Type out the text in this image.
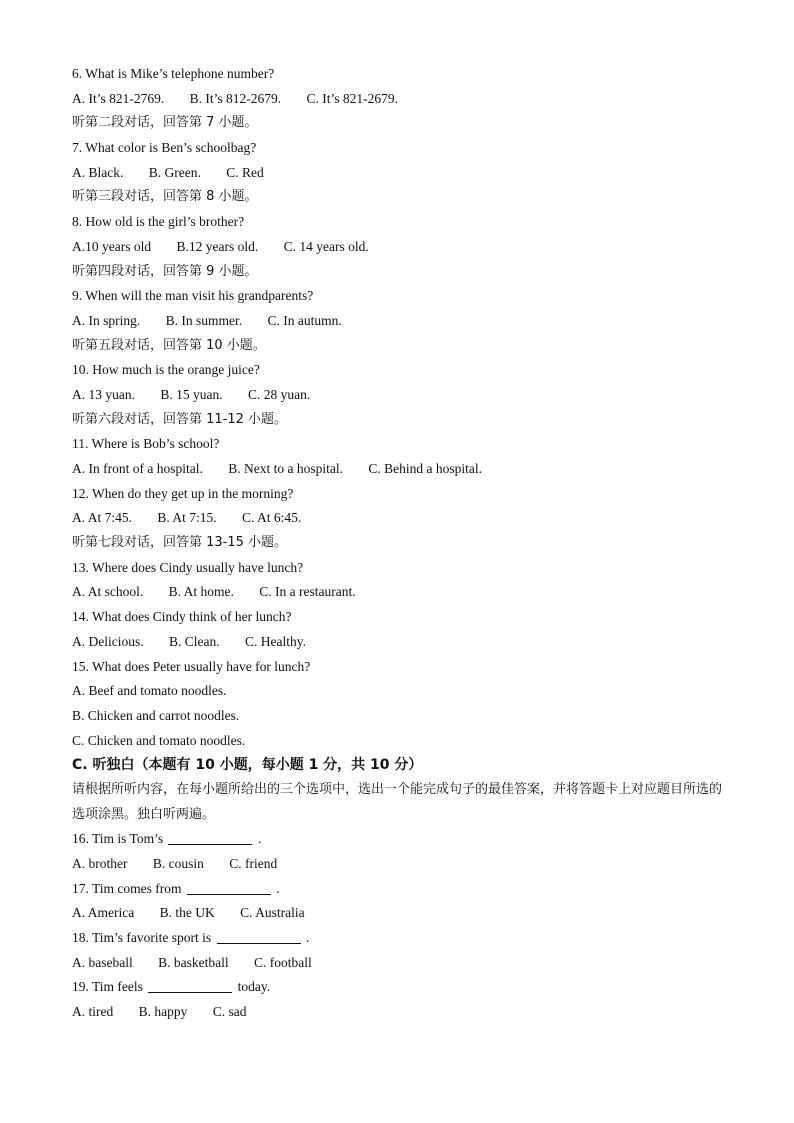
6. What is Mike’s telephone number?
A. It’s 821-2769. B. It’s 812-2679. C. It’s 821-2679.
听第二段对话，回答第 7 小题。
7. What color is Ben’s schoolbag?
A. Black. B. Green. C. Red
听第三段对话，回答第 8 小题。
8. How old is the girl’s brother?
A.10 years old B.12 years old. C. 14 years old.
听第四段对话，回答第 9 小题。
9. When will the man visit his grandparents?
A. In spring. B. In summer. C. In autumn.
听第五段对话，回答第 10 小题。
10. How much is the orange juice?
A. 13 yuan. B. 15 yuan. C. 28 yuan.
听第六段对话，回答第 11-12 小题。
11. Where is Bob’s school?
A. In front of a hospital. B. Next to a hospital. C. Behind a hospital.
12. When do they get up in the morning?
A. At 7:45. B. At 7:15. C. At 6:45.
听第七段对话，回答第 13-15 小题。
13. Where does Cindy usually have lunch?
A. At school. B. At home. C. In a restaurant.
14. What does Cindy think of her lunch?
A. Delicious. B. Clean. C. Healthy.
15. What does Peter usually have for lunch?
A. Beef and tomato noodles.
B. Chicken and carrot noodles.
C. Chicken and tomato noodles.
C. 听独白（本题有 10 小题，每小题 1 分，共 10 分）
请根据所听内容，在每小题所给出的三个选项中，选出一个能完成句子的最佳答案，并将答题卡上对应题目所选的选项涂黑。独白听两遍。
16. Tim is Tom’s	.
A. brother B. cousin C. friend
17. Tim comes from	.
A. America B. the UK C. Australia
18. Tim’s favorite sport is	.
A. baseball B. basketball C. football
19. Tim feels	today.
A. tired B. happy C. sad
